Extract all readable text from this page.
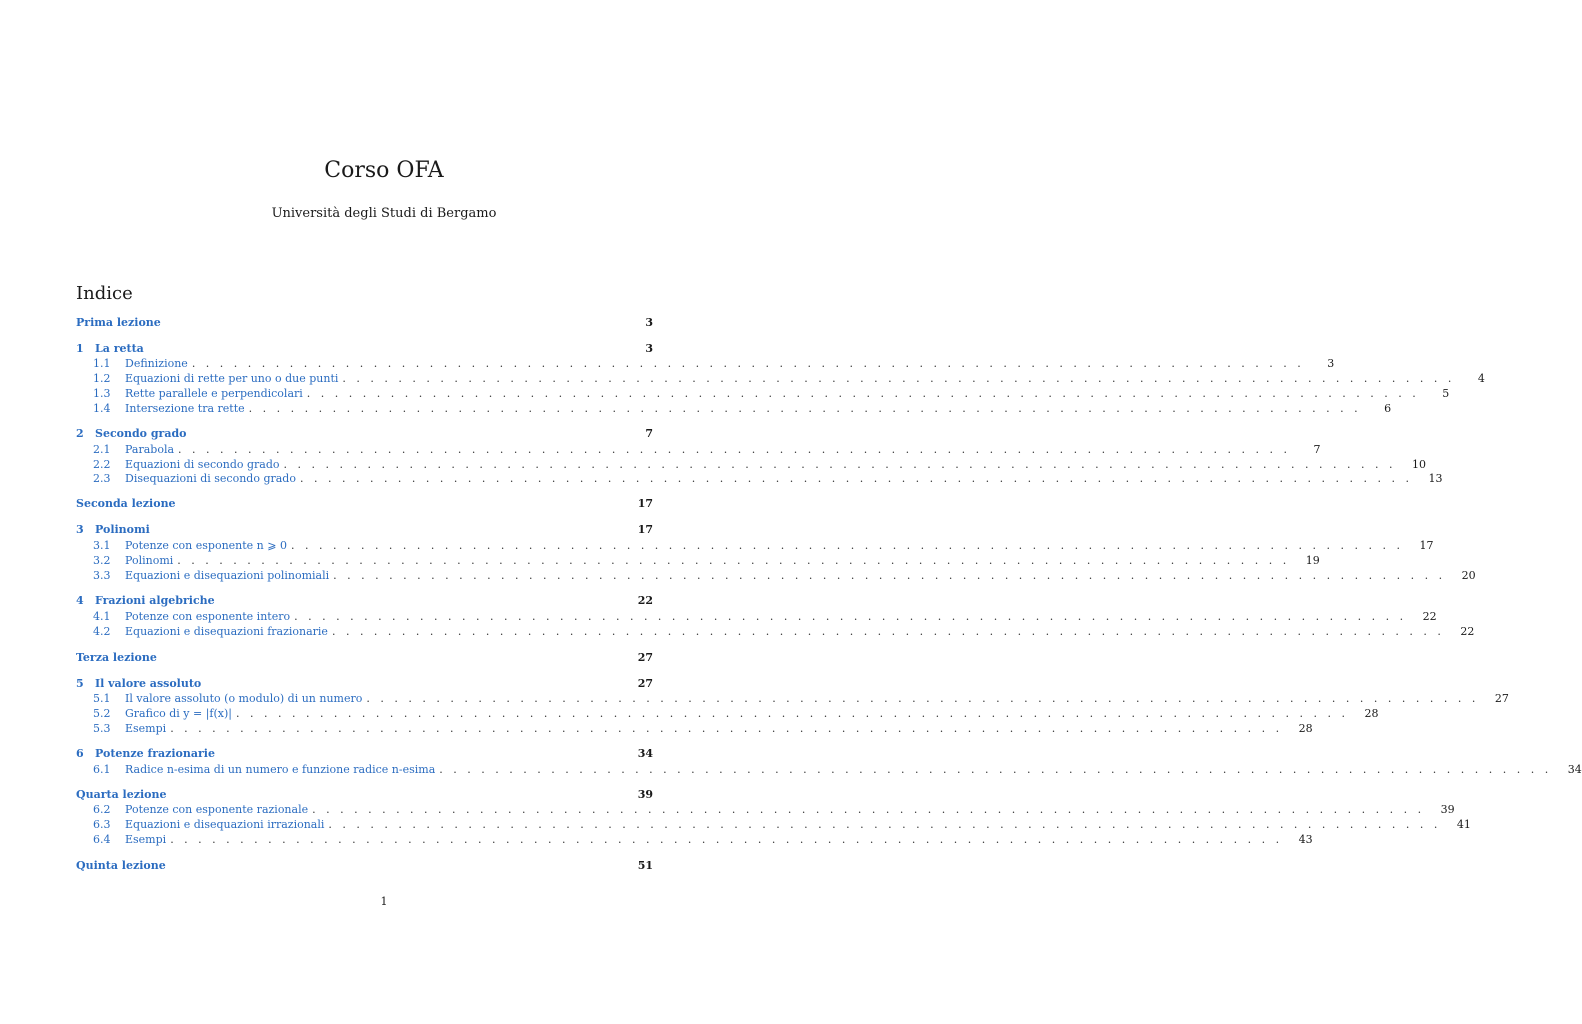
Corso OFA
Università degli Studi di Bergamo
Indice
Prima lezione	3
1	La retta	3
1.1	Definizione . . . . . . . . . . . . . . . . . . . . . . . . . . . . . . . . . . . . . . . . . . . . . . . . . . . . . . . . . . . . . . . . . . . . . . . . . . . . . . . .	3
1.2	Equazioni di rette per uno o due punti . . . . . . . . . . . . . . . . . . . . . . . . . . . . . . . . . . . . . . . . . . . . . . . . . . . . . . . . . . . . . . . . . . . . . . . . . . . . . . . .	4
1.3	Rette parallele e perpendicolari . . . . . . . . . . . . . . . . . . . . . . . . . . . . . . . . . . . . . . . . . . . . . . . . . . . . . . . . . . . . . . . . . . . . . . . . . . . . . . . .	5
1.4	Intersezione tra rette . . . . . . . . . . . . . . . . . . . . . . . . . . . . . . . . . . . . . . . . . . . . . . . . . . . . . . . . . . . . . . . . . . . . . . . . . . . . . . . .	6
2	Secondo grado	7
2.1	Parabola . . . . . . . . . . . . . . . . . . . . . . . . . . . . . . . . . . . . . . . . . . . . . . . . . . . . . . . . . . . . . . . . . . . . . . . . . . . . . . . .	7
2.2	Equazioni di secondo grado . . . . . . . . . . . . . . . . . . . . . . . . . . . . . . . . . . . . . . . . . . . . . . . . . . . . . . . . . . . . . . . . . . . . . . . . . . . . . . . .	10
2.3	Disequazioni di secondo grado . . . . . . . . . . . . . . . . . . . . . . . . . . . . . . . . . . . . . . . . . . . . . . . . . . . . . . . . . . . . . . . . . . . . . . . . . . . . . . . .	13
Seconda lezione	17
3	Polinomi	17
3.1	Potenze con esponente n ⩾ 0 . . . . . . . . . . . . . . . . . . . . . . . . . . . . . . . . . . . . . . . . . . . . . . . . . . . . . . . . . . . . . . . . . . . . . . . . . . . . . . . .	17
3.2	Polinomi . . . . . . . . . . . . . . . . . . . . . . . . . . . . . . . . . . . . . . . . . . . . . . . . . . . . . . . . . . . . . . . . . . . . . . . . . . . . . . . .	19
3.3	Equazioni e disequazioni polinomiali . . . . . . . . . . . . . . . . . . . . . . . . . . . . . . . . . . . . . . . . . . . . . . . . . . . . . . . . . . . . . . . . . . . . . . . . . . . . . . . .	20
4	Frazioni algebriche	22
4.1	Potenze con esponente intero . . . . . . . . . . . . . . . . . . . . . . . . . . . . . . . . . . . . . . . . . . . . . . . . . . . . . . . . . . . . . . . . . . . . . . . . . . . . . . . .	22
4.2	Equazioni e disequazioni frazionarie . . . . . . . . . . . . . . . . . . . . . . . . . . . . . . . . . . . . . . . . . . . . . . . . . . . . . . . . . . . . . . . . . . . . . . . . . . . . . . . .	22
Terza lezione	27
5	Il valore assoluto	27
5.1	Il valore assoluto (o modulo) di un numero . . . . . . . . . . . . . . . . . . . . . . . . . . . . . . . . . . . . . . . . . . . . . . . . . . . . . . . . . . . . . . . . . . . . . . . . . . . . . . . .	27
5.2	Grafico di y = |f(x)| . . . . . . . . . . . . . . . . . . . . . . . . . . . . . . . . . . . . . . . . . . . . . . . . . . . . . . . . . . . . . . . . . . . . . . . . . . . . . . . .	28
5.3	Esempi . . . . . . . . . . . . . . . . . . . . . . . . . . . . . . . . . . . . . . . . . . . . . . . . . . . . . . . . . . . . . . . . . . . . . . . . . . . . . . . .	28
6	Potenze frazionarie	34
6.1	Radice n-esima di un numero e funzione radice n-esima . . . . . . . . . . . . . . . . . . . . . . . . . . . . . . . . . . . . . . . . . . . . . . . . . . . . . . . . . . . . . . . . . . . . . . . . . . . . . . . .	34
Quarta lezione	39
6.2	Potenze con esponente razionale . . . . . . . . . . . . . . . . . . . . . . . . . . . . . . . . . . . . . . . . . . . . . . . . . . . . . . . . . . . . . . . . . . . . . . . . . . . . . . . .	39
6.3	Equazioni e disequazioni irrazionali . . . . . . . . . . . . . . . . . . . . . . . . . . . . . . . . . . . . . . . . . . . . . . . . . . . . . . . . . . . . . . . . . . . . . . . . . . . . . . . .	41
6.4	Esempi . . . . . . . . . . . . . . . . . . . . . . . . . . . . . . . . . . . . . . . . . . . . . . . . . . . . . . . . . . . . . . . . . . . . . . . . . . . . . . . .	43
Quinta lezione	51
1
